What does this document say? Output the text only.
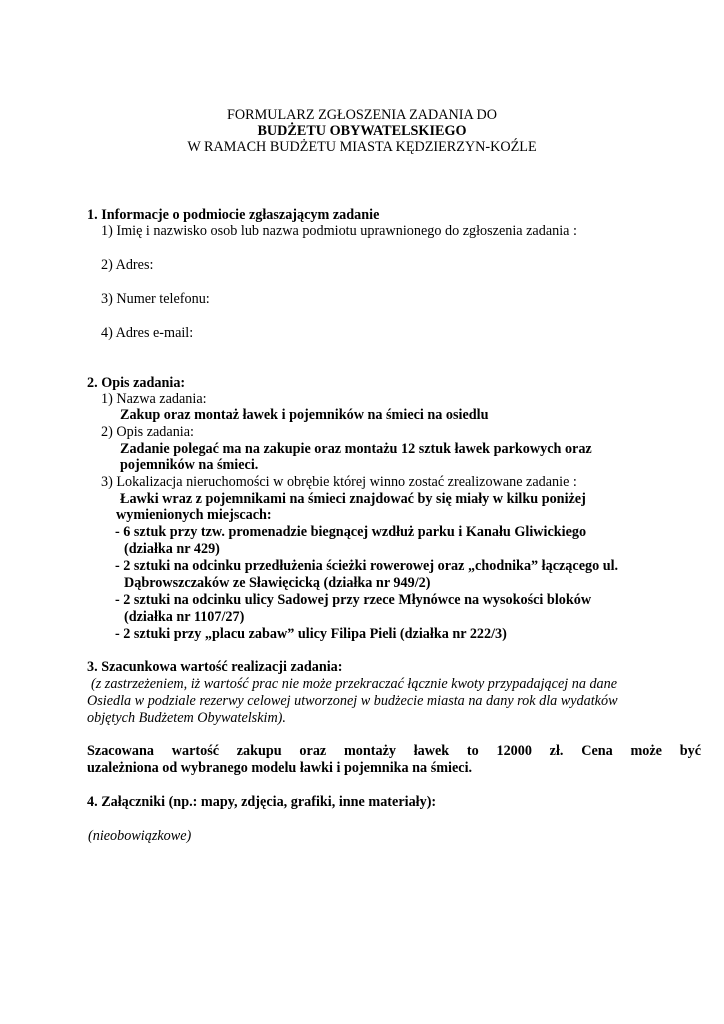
FORMULARZ ZGŁOSZENIA ZADANIA DO
BUDŻETU OBYWATELSKIEGO
W RAMACH BUDŻETU MIASTA KĘDZIERZYN-KOŹLE
1. Informacje o podmiocie zgłaszającym zadanie
1) Imię i nazwisko osob lub nazwa podmiotu uprawnionego do zgłoszenia zadania :
2) Adres:
3) Numer telefonu:
4) Adres e-mail:
2. Opis zadania:
1) Nazwa zadania:
Zakup oraz montaż ławek i pojemników na śmieci na osiedlu
2) Opis zadania:
Zadanie polegać ma na zakupie oraz montażu 12 sztuk ławek parkowych oraz
pojemników na śmieci.
3) Lokalizacja nieruchomości w obrębie której winno zostać zrealizowane zadanie :
Ławki wraz z pojemnikami na śmieci znajdować by się miały w kilku poniżej
wymienionych miejscach:
- 6 sztuk przy tzw. promenadzie biegnącej wzdłuż parku i Kanału Gliwickiego
(działka nr 429)
- 2 sztuki na odcinku przedłużenia ścieżki rowerowej oraz „chodnika” łączącego ul.
Dąbrowszczaków ze Sławięcicką (działka nr 949/2)
- 2 sztuki na odcinku ulicy Sadowej przy rzece Młynówce na wysokości bloków
(działka nr 1107/27)
- 2 sztuki przy „placu zabaw” ulicy Filipa Pieli (działka nr 222/3)
3. Szacunkowa wartość realizacji zadania:
(z zastrzeżeniem, iż wartość prac nie może przekraczać łącznie kwoty przypadającej na dane
Osiedla w podziale rezerwy celowej utworzonej w budżecie miasta na dany rok dla wydatków
objętych Budżetem Obywatelskim).
Szacowana wartość zakupu oraz montaży ławek to 12000 zł. Cena może być
uzależniona od wybranego modelu ławki i pojemnika na śmieci.
4. Załączniki (np.: mapy, zdjęcia, grafiki, inne materiały):
(nieobowiązkowe)
